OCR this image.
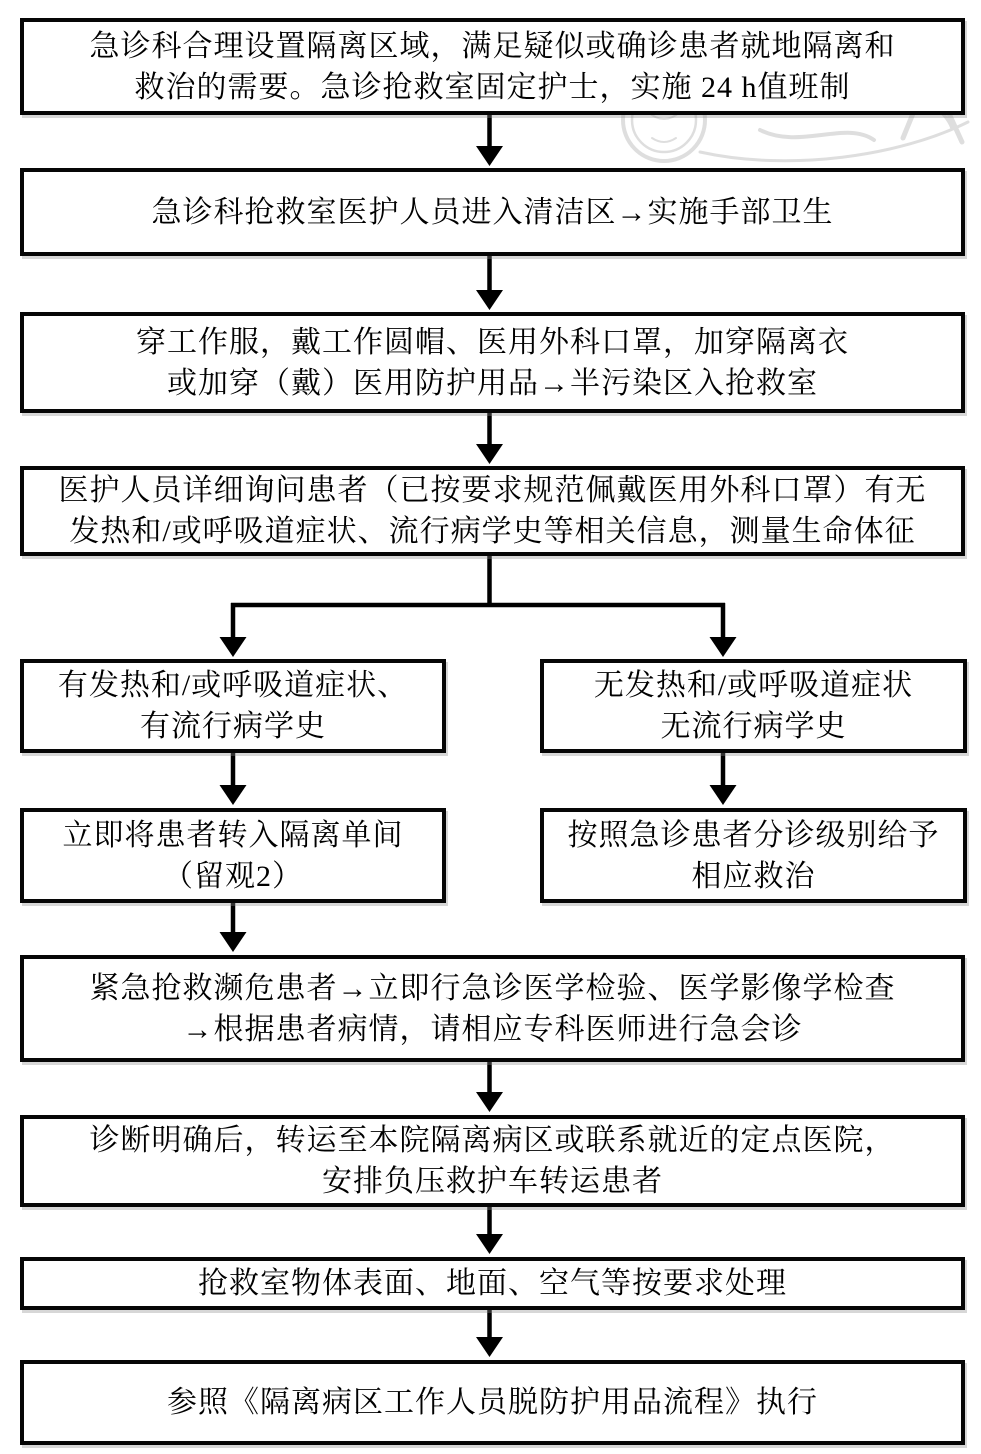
急诊科合理设置隔离区域，满足疑似或确诊患者就地隔离和
救治的需要。急诊抢救室固定护士，实施 24 h值班制
急诊科抢救室医护人员进入清洁区→实施手部卫生
穿工作服，戴工作圆帽、医用外科口罩，加穿隔离衣
或加穿（戴）医用防护用品→半污染区入抢救室
医护人员详细询问患者（已按要求规范佩戴医用外科口罩）有无
发热和/或呼吸道症状、流行病学史等相关信息，测量生命体征
有发热和/或呼吸道症状、
有流行病学史
无发热和/或呼吸道症状
无流行病学史
立即将患者转入隔离单间
（留观2）
按照急诊患者分诊级别给予
相应救治
紧急抢救濒危患者→立即行急诊医学检验、医学影像学检查
→根据患者病情，请相应专科医师进行急会诊
诊断明确后，转运至本院隔离病区或联系就近的定点医院，
安排负压救护车转运患者
抢救室物体表面、地面、空气等按要求处理
参照《隔离病区工作人员脱防护用品流程》执行
